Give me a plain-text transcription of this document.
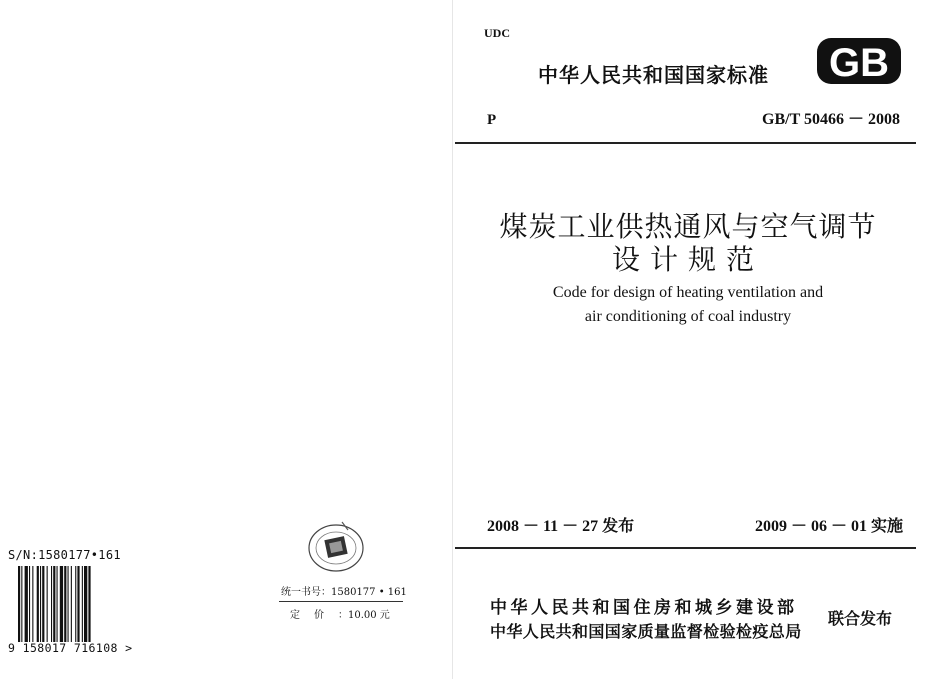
UDC
中华人民共和国国家标准 GB
P	GB/T 50466 － 2008
煤炭工业供热通风与空气调节
设计规范
Code for design of heating ventilation and
air conditioning of coal industry
2008 － 11 － 27 发布	2009 － 06 － 01 实施
中华人民共和国住房和城乡建设部
中华人民共和国国家质量监督检验检疫总局
联合发布
统一书号：1580177 • 161
定价：10.00 元
S/N:1580177•161
9 158017 716108 >
